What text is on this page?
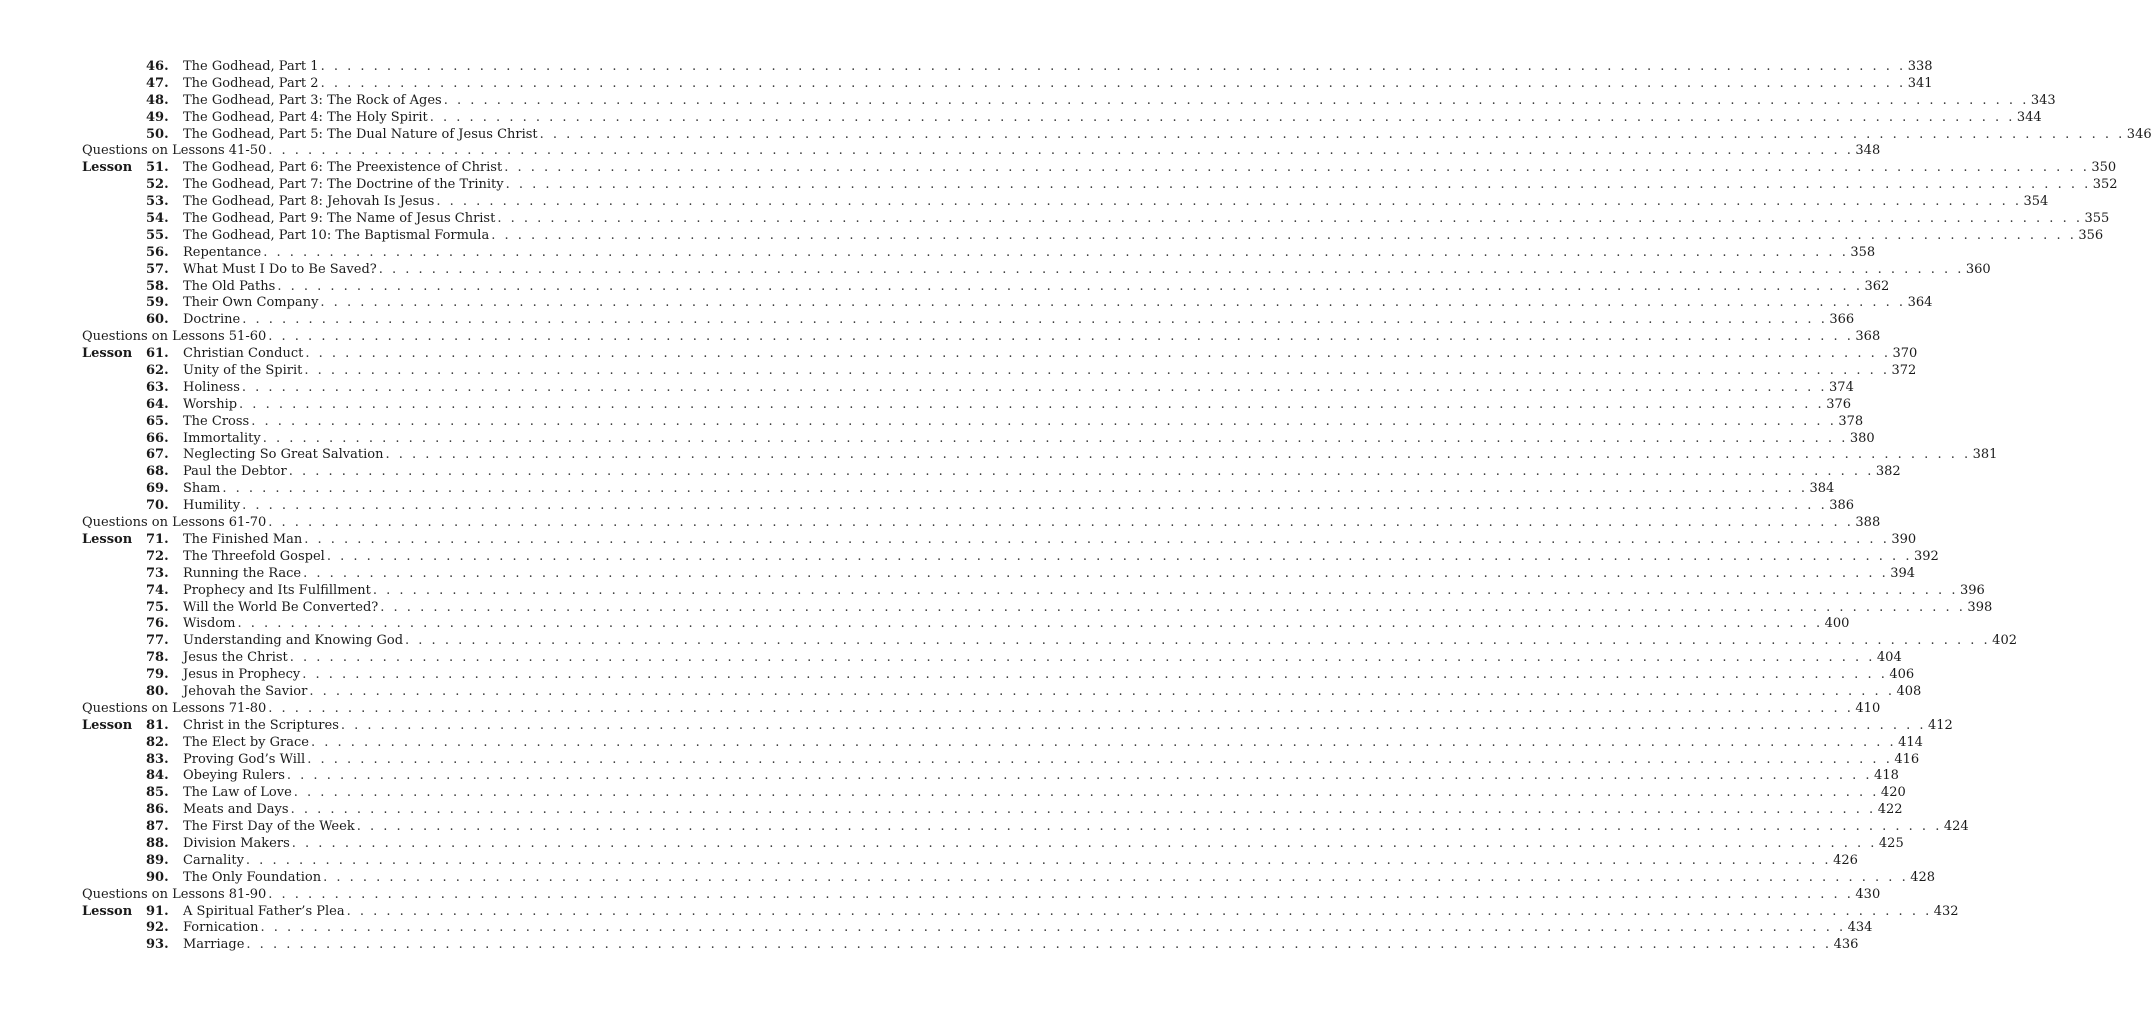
46.	The Godhead, Part 1 . . . . . . . . . . . . . . . . . . . . . . . . . . . . . . . . . . . . . . . . . . . . . . . . . . . . . . . . . . . . . . . . . . . . . . . . . . . . . . . . . . . . . . . . . . . . . . . . . . . . . . . . . . . . . . . . . . . . . . . . 338
47.	The Godhead, Part 2 . . . . . . . . . . . . . . . . . . . . . . . . . . . . . . . . . . . . . . . . . . . . . . . . . . . . . . . . . . . . . . . . . . . . . . . . . . . . . . . . . . . . . . . . . . . . . . . . . . . . . . . . . . . . . . . . . . . . . . . . 341
48.	The Godhead, Part 3: The Rock of Ages . . . . . . . . . . . . . . . . . . . . . . . . . . . . . . . . . . . . . . . . . . . . . . . . . . . . . . . . . . . . . . . . . . . . . . . . . . . . . . . . . . . . . . . . . . . . . . . . . . . . . . . . . . . . . . . . . . . . . . . . 343
49.	The Godhead, Part 4: The Holy Spirit . . . . . . . . . . . . . . . . . . . . . . . . . . . . . . . . . . . . . . . . . . . . . . . . . . . . . . . . . . . . . . . . . . . . . . . . . . . . . . . . . . . . . . . . . . . . . . . . . . . . . . . . . . . . . . . . . . . . . . . . 344
50.	The Godhead, Part 5: The Dual Nature of Jesus Christ . . . . . . . . . . . . . . . . . . . . . . . . . . . . . . . . . . . . . . . . . . . . . . . . . . . . . . . . . . . . . . . . . . . . . . . . . . . . . . . . . . . . . . . . . . . . . . . . . . . . . . . . . . . . . . . . . . . . . . . . 346
Questions on Lessons 41-50 . . . . . . . . . . . . . . . . . . . . . . . . . . . . . . . . . . . . . . . . . . . . . . . . . . . . . . . . . . . . . . . . . . . . . . . . . . . . . . . . . . . . . . . . . . . . . . . . . . . . . . . . . . . . . . . . . . . . . . . . 348
Lesson	51.	The Godhead, Part 6: The Preexistence of Christ . . . . . . . . . . . . . . . . . . . . . . . . . . . . . . . . . . . . . . . . . . . . . . . . . . . . . . . . . . . . . . . . . . . . . . . . . . . . . . . . . . . . . . . . . . . . . . . . . . . . . . . . . . . . . . . . . . . . . . . . 350
52.	The Godhead, Part 7: The Doctrine of the Trinity . . . . . . . . . . . . . . . . . . . . . . . . . . . . . . . . . . . . . . . . . . . . . . . . . . . . . . . . . . . . . . . . . . . . . . . . . . . . . . . . . . . . . . . . . . . . . . . . . . . . . . . . . . . . . . . . . . . . . . . . 352
53.	The Godhead, Part 8: Jehovah Is Jesus . . . . . . . . . . . . . . . . . . . . . . . . . . . . . . . . . . . . . . . . . . . . . . . . . . . . . . . . . . . . . . . . . . . . . . . . . . . . . . . . . . . . . . . . . . . . . . . . . . . . . . . . . . . . . . . . . . . . . . . . 354
54.	The Godhead, Part 9: The Name of Jesus Christ . . . . . . . . . . . . . . . . . . . . . . . . . . . . . . . . . . . . . . . . . . . . . . . . . . . . . . . . . . . . . . . . . . . . . . . . . . . . . . . . . . . . . . . . . . . . . . . . . . . . . . . . . . . . . . . . . . . . . . . . 355
55.	The Godhead, Part 10: The Baptismal Formula . . . . . . . . . . . . . . . . . . . . . . . . . . . . . . . . . . . . . . . . . . . . . . . . . . . . . . . . . . . . . . . . . . . . . . . . . . . . . . . . . . . . . . . . . . . . . . . . . . . . . . . . . . . . . . . . . . . . . . . . 356
56.	Repentance . . . . . . . . . . . . . . . . . . . . . . . . . . . . . . . . . . . . . . . . . . . . . . . . . . . . . . . . . . . . . . . . . . . . . . . . . . . . . . . . . . . . . . . . . . . . . . . . . . . . . . . . . . . . . . . . . . . . . . . . 358
57.	What Must I Do to Be Saved? . . . . . . . . . . . . . . . . . . . . . . . . . . . . . . . . . . . . . . . . . . . . . . . . . . . . . . . . . . . . . . . . . . . . . . . . . . . . . . . . . . . . . . . . . . . . . . . . . . . . . . . . . . . . . . . . . . . . . . . . 360
58.	The Old Paths . . . . . . . . . . . . . . . . . . . . . . . . . . . . . . . . . . . . . . . . . . . . . . . . . . . . . . . . . . . . . . . . . . . . . . . . . . . . . . . . . . . . . . . . . . . . . . . . . . . . . . . . . . . . . . . . . . . . . . . . 362
59.	Their Own Company . . . . . . . . . . . . . . . . . . . . . . . . . . . . . . . . . . . . . . . . . . . . . . . . . . . . . . . . . . . . . . . . . . . . . . . . . . . . . . . . . . . . . . . . . . . . . . . . . . . . . . . . . . . . . . . . . . . . . . . . 364
60.	Doctrine . . . . . . . . . . . . . . . . . . . . . . . . . . . . . . . . . . . . . . . . . . . . . . . . . . . . . . . . . . . . . . . . . . . . . . . . . . . . . . . . . . . . . . . . . . . . . . . . . . . . . . . . . . . . . . . . . . . . . . . . 366
Questions on Lessons 51-60 . . . . . . . . . . . . . . . . . . . . . . . . . . . . . . . . . . . . . . . . . . . . . . . . . . . . . . . . . . . . . . . . . . . . . . . . . . . . . . . . . . . . . . . . . . . . . . . . . . . . . . . . . . . . . . . . . . . . . . . . 368
Lesson	61.	Christian Conduct . . . . . . . . . . . . . . . . . . . . . . . . . . . . . . . . . . . . . . . . . . . . . . . . . . . . . . . . . . . . . . . . . . . . . . . . . . . . . . . . . . . . . . . . . . . . . . . . . . . . . . . . . . . . . . . . . . . . . . . . 370
62.	Unity of the Spirit . . . . . . . . . . . . . . . . . . . . . . . . . . . . . . . . . . . . . . . . . . . . . . . . . . . . . . . . . . . . . . . . . . . . . . . . . . . . . . . . . . . . . . . . . . . . . . . . . . . . . . . . . . . . . . . . . . . . . . . . 372
63.	Holiness . . . . . . . . . . . . . . . . . . . . . . . . . . . . . . . . . . . . . . . . . . . . . . . . . . . . . . . . . . . . . . . . . . . . . . . . . . . . . . . . . . . . . . . . . . . . . . . . . . . . . . . . . . . . . . . . . . . . . . . . 374
64.	Worship . . . . . . . . . . . . . . . . . . . . . . . . . . . . . . . . . . . . . . . . . . . . . . . . . . . . . . . . . . . . . . . . . . . . . . . . . . . . . . . . . . . . . . . . . . . . . . . . . . . . . . . . . . . . . . . . . . . . . . . . 376
65.	The Cross . . . . . . . . . . . . . . . . . . . . . . . . . . . . . . . . . . . . . . . . . . . . . . . . . . . . . . . . . . . . . . . . . . . . . . . . . . . . . . . . . . . . . . . . . . . . . . . . . . . . . . . . . . . . . . . . . . . . . . . . 378
66.	Immortality . . . . . . . . . . . . . . . . . . . . . . . . . . . . . . . . . . . . . . . . . . . . . . . . . . . . . . . . . . . . . . . . . . . . . . . . . . . . . . . . . . . . . . . . . . . . . . . . . . . . . . . . . . . . . . . . . . . . . . . . 380
67.	Neglecting So Great Salvation . . . . . . . . . . . . . . . . . . . . . . . . . . . . . . . . . . . . . . . . . . . . . . . . . . . . . . . . . . . . . . . . . . . . . . . . . . . . . . . . . . . . . . . . . . . . . . . . . . . . . . . . . . . . . . . . . . . . . . . . 381
68.	Paul the Debtor . . . . . . . . . . . . . . . . . . . . . . . . . . . . . . . . . . . . . . . . . . . . . . . . . . . . . . . . . . . . . . . . . . . . . . . . . . . . . . . . . . . . . . . . . . . . . . . . . . . . . . . . . . . . . . . . . . . . . . . . 382
69.	Sham . . . . . . . . . . . . . . . . . . . . . . . . . . . . . . . . . . . . . . . . . . . . . . . . . . . . . . . . . . . . . . . . . . . . . . . . . . . . . . . . . . . . . . . . . . . . . . . . . . . . . . . . . . . . . . . . . . . . . . . . 384
70.	Humility . . . . . . . . . . . . . . . . . . . . . . . . . . . . . . . . . . . . . . . . . . . . . . . . . . . . . . . . . . . . . . . . . . . . . . . . . . . . . . . . . . . . . . . . . . . . . . . . . . . . . . . . . . . . . . . . . . . . . . . . 386
Questions on Lessons 61-70 . . . . . . . . . . . . . . . . . . . . . . . . . . . . . . . . . . . . . . . . . . . . . . . . . . . . . . . . . . . . . . . . . . . . . . . . . . . . . . . . . . . . . . . . . . . . . . . . . . . . . . . . . . . . . . . . . . . . . . . . 388
Lesson	71.	The Finished Man . . . . . . . . . . . . . . . . . . . . . . . . . . . . . . . . . . . . . . . . . . . . . . . . . . . . . . . . . . . . . . . . . . . . . . . . . . . . . . . . . . . . . . . . . . . . . . . . . . . . . . . . . . . . . . . . . . . . . . . . 390
72.	The Threefold Gospel . . . . . . . . . . . . . . . . . . . . . . . . . . . . . . . . . . . . . . . . . . . . . . . . . . . . . . . . . . . . . . . . . . . . . . . . . . . . . . . . . . . . . . . . . . . . . . . . . . . . . . . . . . . . . . . . . . . . . . . . 392
73.	Running the Race . . . . . . . . . . . . . . . . . . . . . . . . . . . . . . . . . . . . . . . . . . . . . . . . . . . . . . . . . . . . . . . . . . . . . . . . . . . . . . . . . . . . . . . . . . . . . . . . . . . . . . . . . . . . . . . . . . . . . . . . 394
74.	Prophecy and Its Fulfillment . . . . . . . . . . . . . . . . . . . . . . . . . . . . . . . . . . . . . . . . . . . . . . . . . . . . . . . . . . . . . . . . . . . . . . . . . . . . . . . . . . . . . . . . . . . . . . . . . . . . . . . . . . . . . . . . . . . . . . . . 396
75.	Will the World Be Converted? . . . . . . . . . . . . . . . . . . . . . . . . . . . . . . . . . . . . . . . . . . . . . . . . . . . . . . . . . . . . . . . . . . . . . . . . . . . . . . . . . . . . . . . . . . . . . . . . . . . . . . . . . . . . . . . . . . . . . . . . 398
76.	Wisdom . . . . . . . . . . . . . . . . . . . . . . . . . . . . . . . . . . . . . . . . . . . . . . . . . . . . . . . . . . . . . . . . . . . . . . . . . . . . . . . . . . . . . . . . . . . . . . . . . . . . . . . . . . . . . . . . . . . . . . . . 400
77.	Understanding and Knowing God . . . . . . . . . . . . . . . . . . . . . . . . . . . . . . . . . . . . . . . . . . . . . . . . . . . . . . . . . . . . . . . . . . . . . . . . . . . . . . . . . . . . . . . . . . . . . . . . . . . . . . . . . . . . . . . . . . . . . . . . 402
78.	Jesus the Christ . . . . . . . . . . . . . . . . . . . . . . . . . . . . . . . . . . . . . . . . . . . . . . . . . . . . . . . . . . . . . . . . . . . . . . . . . . . . . . . . . . . . . . . . . . . . . . . . . . . . . . . . . . . . . . . . . . . . . . . . 404
79.	Jesus in Prophecy . . . . . . . . . . . . . . . . . . . . . . . . . . . . . . . . . . . . . . . . . . . . . . . . . . . . . . . . . . . . . . . . . . . . . . . . . . . . . . . . . . . . . . . . . . . . . . . . . . . . . . . . . . . . . . . . . . . . . . . . 406
80.	Jehovah the Savior . . . . . . . . . . . . . . . . . . . . . . . . . . . . . . . . . . . . . . . . . . . . . . . . . . . . . . . . . . . . . . . . . . . . . . . . . . . . . . . . . . . . . . . . . . . . . . . . . . . . . . . . . . . . . . . . . . . . . . . . 408
Questions on Lessons 71-80 . . . . . . . . . . . . . . . . . . . . . . . . . . . . . . . . . . . . . . . . . . . . . . . . . . . . . . . . . . . . . . . . . . . . . . . . . . . . . . . . . . . . . . . . . . . . . . . . . . . . . . . . . . . . . . . . . . . . . . . . 410
Lesson	81.	Christ in the Scriptures . . . . . . . . . . . . . . . . . . . . . . . . . . . . . . . . . . . . . . . . . . . . . . . . . . . . . . . . . . . . . . . . . . . . . . . . . . . . . . . . . . . . . . . . . . . . . . . . . . . . . . . . . . . . . . . . . . . . . . . . 412
82.	The Elect by Grace . . . . . . . . . . . . . . . . . . . . . . . . . . . . . . . . . . . . . . . . . . . . . . . . . . . . . . . . . . . . . . . . . . . . . . . . . . . . . . . . . . . . . . . . . . . . . . . . . . . . . . . . . . . . . . . . . . . . . . . . 414
83.	Proving God’s Will . . . . . . . . . . . . . . . . . . . . . . . . . . . . . . . . . . . . . . . . . . . . . . . . . . . . . . . . . . . . . . . . . . . . . . . . . . . . . . . . . . . . . . . . . . . . . . . . . . . . . . . . . . . . . . . . . . . . . . . . 416
84.	Obeying Rulers . . . . . . . . . . . . . . . . . . . . . . . . . . . . . . . . . . . . . . . . . . . . . . . . . . . . . . . . . . . . . . . . . . . . . . . . . . . . . . . . . . . . . . . . . . . . . . . . . . . . . . . . . . . . . . . . . . . . . . . . 418
85.	The Law of Love . . . . . . . . . . . . . . . . . . . . . . . . . . . . . . . . . . . . . . . . . . . . . . . . . . . . . . . . . . . . . . . . . . . . . . . . . . . . . . . . . . . . . . . . . . . . . . . . . . . . . . . . . . . . . . . . . . . . . . . . 420
86.	Meats and Days . . . . . . . . . . . . . . . . . . . . . . . . . . . . . . . . . . . . . . . . . . . . . . . . . . . . . . . . . . . . . . . . . . . . . . . . . . . . . . . . . . . . . . . . . . . . . . . . . . . . . . . . . . . . . . . . . . . . . . . . 422
87.	The First Day of the Week . . . . . . . . . . . . . . . . . . . . . . . . . . . . . . . . . . . . . . . . . . . . . . . . . . . . . . . . . . . . . . . . . . . . . . . . . . . . . . . . . . . . . . . . . . . . . . . . . . . . . . . . . . . . . . . . . . . . . . . . 424
88.	Division Makers . . . . . . . . . . . . . . . . . . . . . . . . . . . . . . . . . . . . . . . . . . . . . . . . . . . . . . . . . . . . . . . . . . . . . . . . . . . . . . . . . . . . . . . . . . . . . . . . . . . . . . . . . . . . . . . . . . . . . . . . 425
89.	Carnality . . . . . . . . . . . . . . . . . . . . . . . . . . . . . . . . . . . . . . . . . . . . . . . . . . . . . . . . . . . . . . . . . . . . . . . . . . . . . . . . . . . . . . . . . . . . . . . . . . . . . . . . . . . . . . . . . . . . . . . . 426
90.	The Only Foundation . . . . . . . . . . . . . . . . . . . . . . . . . . . . . . . . . . . . . . . . . . . . . . . . . . . . . . . . . . . . . . . . . . . . . . . . . . . . . . . . . . . . . . . . . . . . . . . . . . . . . . . . . . . . . . . . . . . . . . . . 428
Questions on Lessons 81-90 . . . . . . . . . . . . . . . . . . . . . . . . . . . . . . . . . . . . . . . . . . . . . . . . . . . . . . . . . . . . . . . . . . . . . . . . . . . . . . . . . . . . . . . . . . . . . . . . . . . . . . . . . . . . . . . . . . . . . . . . 430
Lesson	91.	A Spiritual Father’s Plea . . . . . . . . . . . . . . . . . . . . . . . . . . . . . . . . . . . . . . . . . . . . . . . . . . . . . . . . . . . . . . . . . . . . . . . . . . . . . . . . . . . . . . . . . . . . . . . . . . . . . . . . . . . . . . . . . . . . . . . . 432
92.	Fornication . . . . . . . . . . . . . . . . . . . . . . . . . . . . . . . . . . . . . . . . . . . . . . . . . . . . . . . . . . . . . . . . . . . . . . . . . . . . . . . . . . . . . . . . . . . . . . . . . . . . . . . . . . . . . . . . . . . . . . . . 434
93.	Marriage . . . . . . . . . . . . . . . . . . . . . . . . . . . . . . . . . . . . . . . . . . . . . . . . . . . . . . . . . . . . . . . . . . . . . . . . . . . . . . . . . . . . . . . . . . . . . . . . . . . . . . . . . . . . . . . . . . . . . . . . 436
